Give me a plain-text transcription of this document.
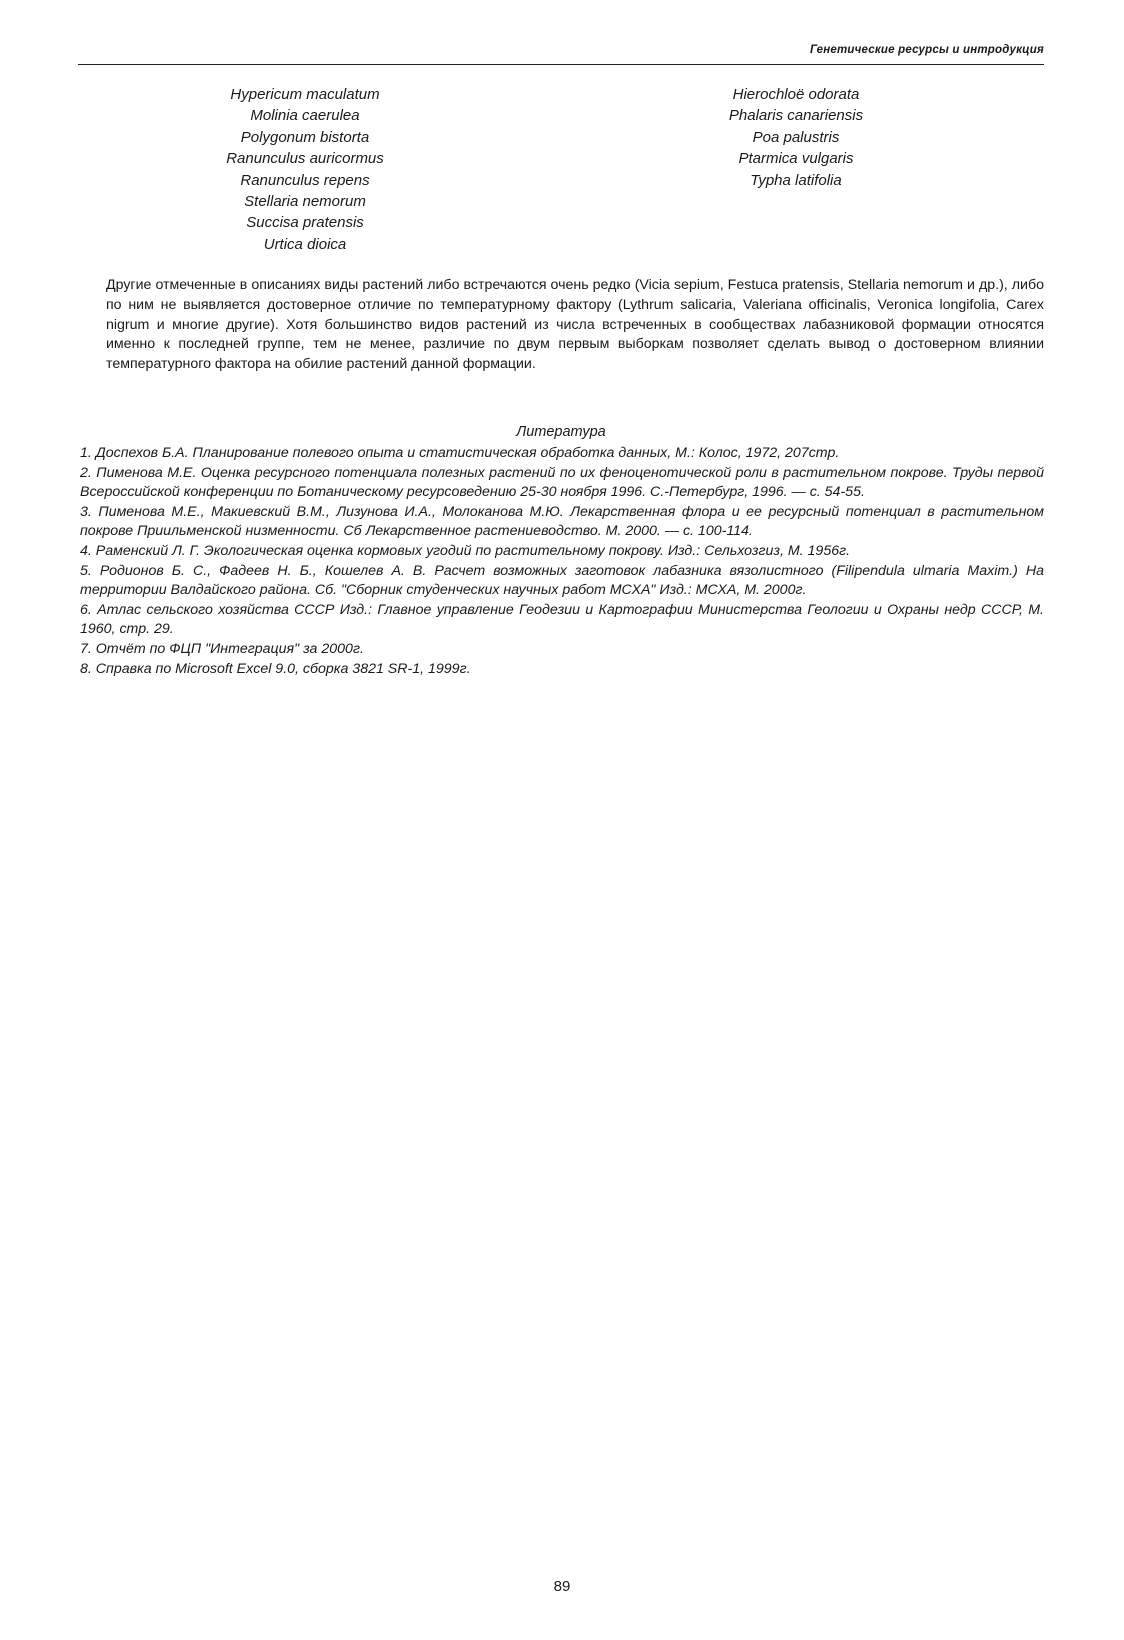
Генетические ресурсы и интродукция
Hypericum maculatum
Molinia caerulea
Polygonum bistorta
Ranunculus auricormus
Ranunculus repens
Stellaria nemorum
Succisa pratensis
Urtica dioica
Hierochloë odorata
Phalaris canariensis
Poa palustris
Ptarmica vulgaris
Typha latifolia

Другие отмеченные в описаниях виды растений либо встречаются очень редко (Vicia sepium, Festuca pratensis, Stellaria nemorum и др.), либо по ним не выявляется достоверное отличие по температурному фактору (Lythrum salicaria, Valeriana officinalis, Veronica longifolia, Carex nigrum и многие другие). Хотя большинство видов растений из числа встреченных в сообществах лабазниковой формации относятся именно к последней группе, тем не менее, различие по двум первым выборкам позволяет сделать вывод о достоверном влиянии температурного фактора на обилие растений данной формации.

Литература
1. Доспехов Б.А. Планирование полевого опыта и статистическая обработка данных, М.: Колос, 1972, 207стр.
2. Пименова М.Е. Оценка ресурсного потенциала полезных растений по их феноценотической роли в растительном покрове. Труды первой Всероссийской конференции по Ботаническому ресурсоведению 25-30 ноября 1996. С.-Петербург, 1996. — с. 54-55.
3. Пименова М.Е., Макиевский В.М., Лизунова И.А., Молоканова М.Ю. Лекарственная флора и ее ресурсный потенциал в растительном покрове Приильменской низменности. Сб Лекарственное растениеводство. М. 2000. — с. 100-114.
4. Раменский Л. Г. Экологическая оценка кормовых угодий по растительному покрову. Изд.: Сельхозгиз, М. 1956г.
5. Родионов Б. С., Фадеев Н. Б., Кошелев А. В. Расчет возможных заготовок лабазника вязолистного (Filipendula ulmaria Maxim.) На территории Валдайского района. Сб. "Сборник студенческих научных работ МСХА" Изд.: МСХА, М. 2000г.
6. Атлас сельского хозяйства СССР Изд.: Главное управление Геодезии и Картографии Министерства Геологии и Охраны недр СССР, М. 1960, стр. 29.
7. Отчёт по ФЦП "Интеграция" за 2000г.
8. Справка по Microsoft Excel 9.0, сборка 3821 SR-1, 1999г.
89
